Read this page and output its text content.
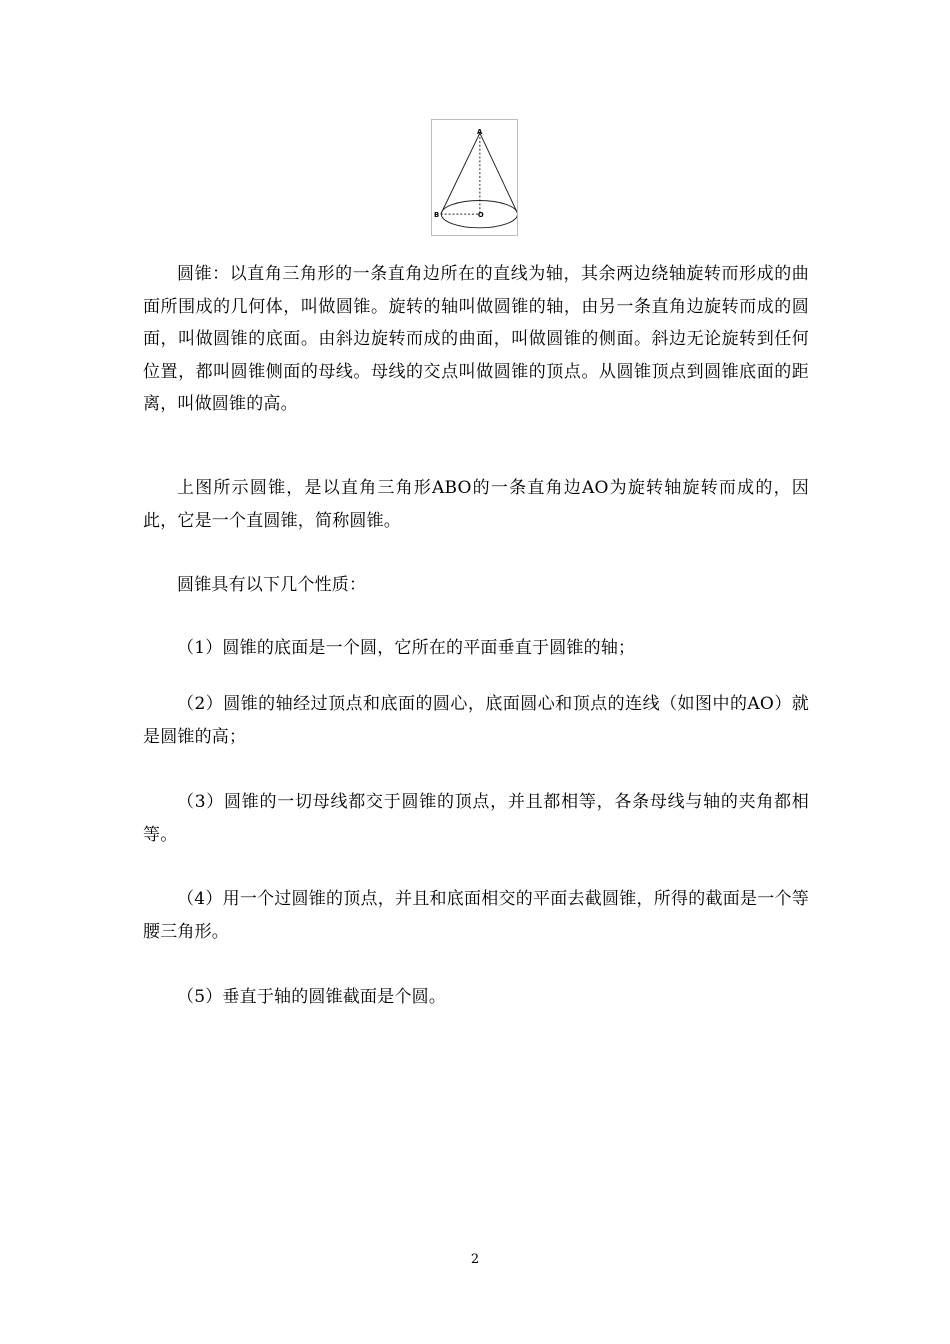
A
B	O

圆锥：以直角三角形的一条直角边所在的直线为轴，其余两边绕轴旋转而形成的曲面所围成的几何体，叫做圆锥。旋转的轴叫做圆锥的轴，由另一条直角边旋转而成的圆面，叫做圆锥的底面。由斜边旋转而成的曲面，叫做圆锥的侧面。斜边无论旋转到任何位置，都叫圆锥侧面的母线。母线的交点叫做圆锥的顶点。从圆锥顶点到圆锥底面的距离，叫做圆锥的高。

上图所示圆锥，是以直角三角形ABO的一条直角边AO为旋转轴旋转而成的，因此，它是一个直圆锥，简称圆锥。

圆锥具有以下几个性质：

（1）圆锥的底面是一个圆，它所在的平面垂直于圆锥的轴；

（2）圆锥的轴经过顶点和底面的圆心，底面圆心和顶点的连线（如图中的AO）就是圆锥的高；

（3）圆锥的一切母线都交于圆锥的顶点，并且都相等，各条母线与轴的夹角都相等。

（4）用一个过圆锥的顶点，并且和底面相交的平面去截圆锥，所得的截面是一个等腰三角形。

（5）垂直于轴的圆锥截面是个圆。

2
